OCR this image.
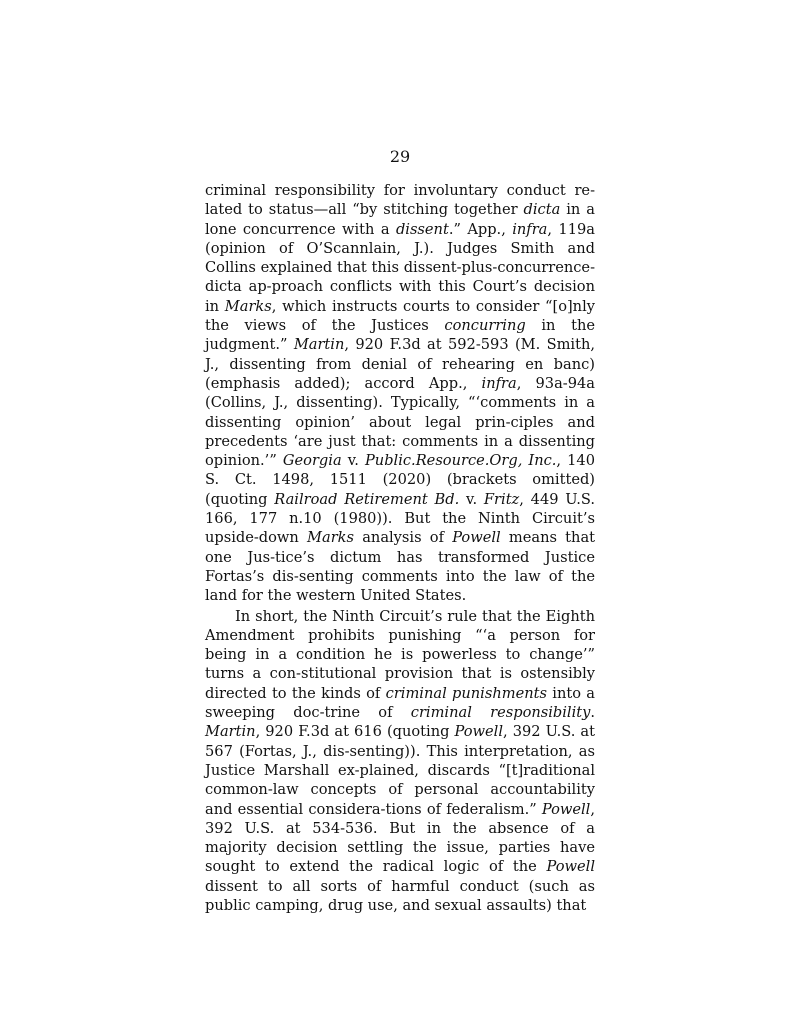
29

criminal responsibility for involuntary conduct re-lated to status—all “by stitching together dicta in a lone concurrence with a dissent.” App., infra, 119a (opinion of O’Scannlain, J.). Judges Smith and Collins explained that this dissent-plus-concurrence-dicta ap-proach conflicts with this Court’s decision in Marks, which instructs courts to consider “[o]nly the views of the Justices concurring in the judgment.” Martin, 920 F.3d at 592-593 (M. Smith, J., dissenting from denial of rehearing en banc) (emphasis added); accord App., infra, 93a-94a (Collins, J., dissenting). Typically, “‘comments in a dissenting opinion’ about legal prin-ciples and precedents ‘are just that: comments in a dissenting opinion.’” Georgia v. Public.Resource.Org, Inc., 140 S. Ct. 1498, 1511 (2020) (brackets omitted) (quoting Railroad Retirement Bd. v. Fritz, 449 U.S. 166, 177 n.10 (1980)). But the Ninth Circuit’s upside-down Marks analysis of Powell means that one Jus-tice’s dictum has transformed Justice Fortas’s dis-senting comments into the law of the land for the western United States.

In short, the Ninth Circuit’s rule that the Eighth Amendment prohibits punishing “‘a person for being in a condition he is powerless to change’” turns a con-stitutional provision that is ostensibly directed to the kinds of criminal punishments into a sweeping doc-trine of criminal responsibility. Martin, 920 F.3d at 616 (quoting Powell, 392 U.S. at 567 (Fortas, J., dis-senting)). This interpretation, as Justice Marshall ex-plained, discards “[t]raditional common-law concepts of personal accountability and essential considera-tions of federalism.” Powell, 392 U.S. at 534-536. But in the absence of a majority decision settling the issue, parties have sought to extend the radical logic of the Powell dissent to all sorts of harmful conduct (such as public camping, drug use, and sexual assaults) that
